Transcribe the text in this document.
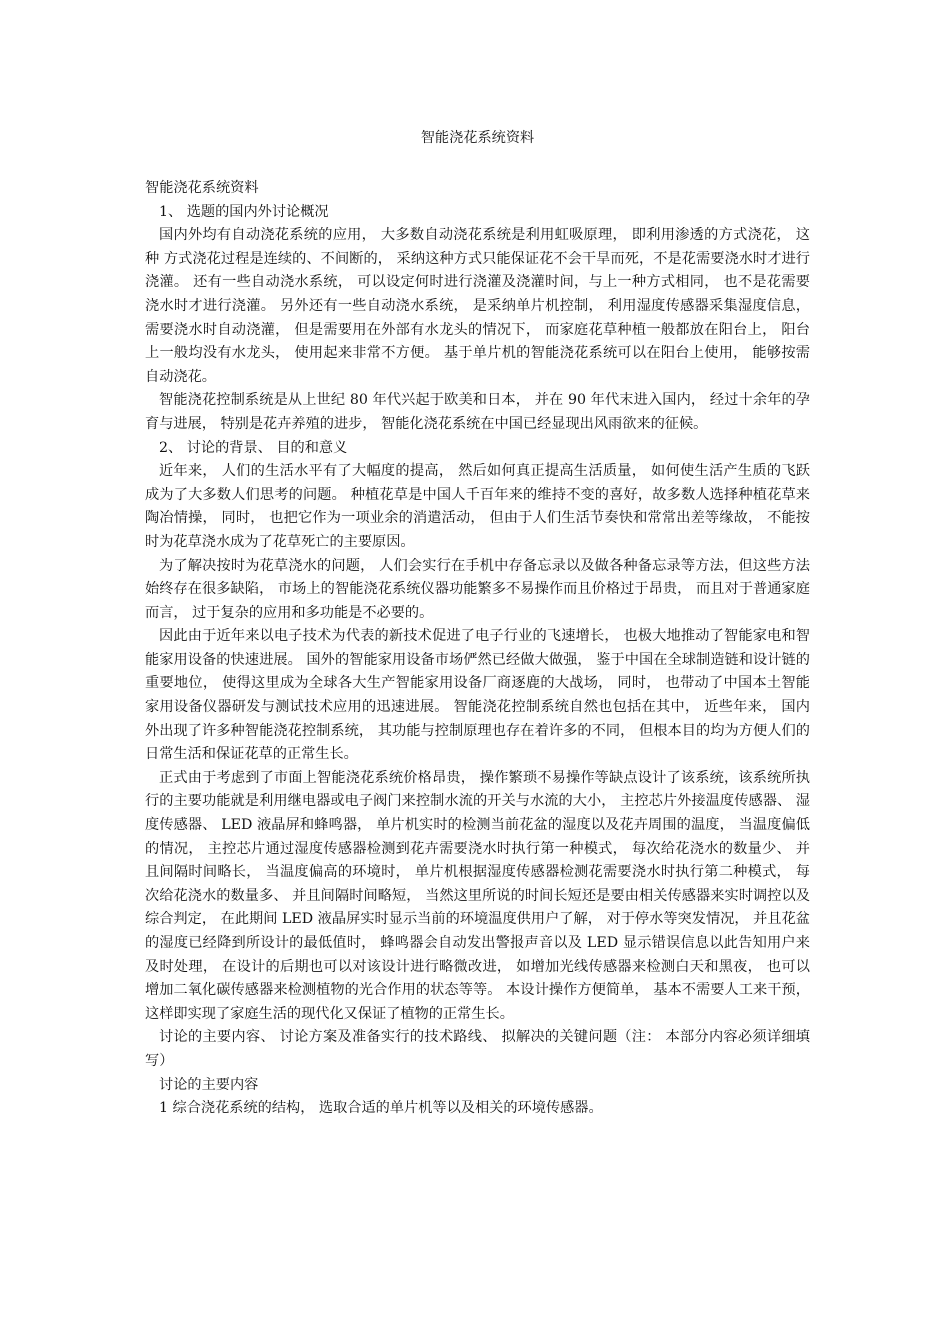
智能浇花系统资料

智能浇花系统资料

1、 选题的国内外讨论概况

国内外均有自动浇花系统的应用， 大多数自动浇花系统是利用虹吸原理， 即利用渗透的方式浇花， 这种 方式浇花过程是连续的、不间断的， 采纳这种方式只能保证花不会干旱而死，不是花需要浇水时才进行浇灌。 还有一些自动浇水系统， 可以设定何时进行浇灌及浇灌时间，与上一种方式相同， 也不是花需要浇水时才进行浇灌。 另外还有一些自动浇水系统， 是采纳单片机控制， 利用湿度传感器采集湿度信息， 需要浇水时自动浇灌， 但是需要用在外部有水龙头的情况下， 而家庭花草种植一般都放在阳台上， 阳台上一般均没有水龙头， 使用起来非常不方便。 基于单片机的智能浇花系统可以在阳台上使用， 能够按需自动浇花。

智能浇花控制系统是从上世纪 80 年代兴起于欧美和日本， 并在 90 年代末进入国内， 经过十余年的孕育与进展， 特别是花卉养殖的进步， 智能化浇花系统在中国已经显现出风雨欲来的征候。

2、 讨论的背景、 目的和意义

近年来， 人们的生活水平有了大幅度的提高， 然后如何真正提高生活质量， 如何使生活产生质的飞跃成为了大多数人们思考的问题。 种植花草是中国人千百年来的维持不变的喜好，故多数人选择种植花草来陶冶情操， 同时， 也把它作为一项业余的消遣活动， 但由于人们生活节奏快和常常出差等缘故， 不能按时为花草浇水成为了花草死亡的主要原因。

为了解决按时为花草浇水的问题， 人们会实行在手机中存备忘录以及做各种备忘录等方法，但这些方法始终存在很多缺陷， 市场上的智能浇花系统仪器功能繁多不易操作而且价格过于昂贵， 而且对于普通家庭而言， 过于复杂的应用和多功能是不必要的。

因此由于近年来以电子技术为代表的新技术促进了电子行业的飞速增长， 也极大地推动了智能家电和智能家用设备的快速进展。 国外的智能家用设备市场俨然已经做大做强， 鉴于中国在全球制造链和设计链的重要地位， 使得这里成为全球各大生产智能家用设备厂商逐鹿的大战场， 同时， 也带动了中国本土智能家用设备仪器研发与测试技术应用的迅速进展。 智能浇花控制系统自然也包括在其中， 近些年来， 国内外出现了许多种智能浇花控制系统， 其功能与控制原理也存在着许多的不同， 但根本目的均为方便人们的日常生活和保证花草的正常生长。

正式由于考虑到了市面上智能浇花系统价格昂贵， 操作繁琐不易操作等缺点设计了该系统，该系统所执行的主要功能就是利用继电器或电子阀门来控制水流的开关与水流的大小， 主控芯片外接温度传感器、 湿度传感器、 LED 液晶屏和蜂鸣器， 单片机实时的检测当前花盆的湿度以及花卉周围的温度， 当温度偏低的情况， 主控芯片通过湿度传感器检测到花卉需要浇水时执行第一种模式， 每次给花浇水的数量少、 并且间隔时间略长， 当温度偏高的环境时， 单片机根据湿度传感器检测花需要浇水时执行第二种模式， 每次给花浇水的数量多、 并且间隔时间略短， 当然这里所说的时间长短还是要由相关传感器来实时调控以及综合判定， 在此期间 LED 液晶屏实时显示当前的环境温度供用户了解， 对于停水等突发情况， 并且花盆的湿度已经降到所设计的最低值时， 蜂鸣器会自动发出警报声音以及 LED 显示错误信息以此告知用户来及时处理， 在设计的后期也可以对该设计进行略微改进， 如增加光线传感器来检测白天和黑夜， 也可以增加二氧化碳传感器来检测植物的光合作用的状态等等。 本设计操作方便简单， 基本不需要人工来干预， 这样即实现了家庭生活的现代化又保证了植物的正常生长。

讨论的主要内容、 讨论方案及准备实行的技术路线、 拟解决的关键问题（注： 本部分内容必须详细填写）

讨论的主要内容

1 综合浇花系统的结构， 选取合适的单片机等以及相关的环境传感器。
